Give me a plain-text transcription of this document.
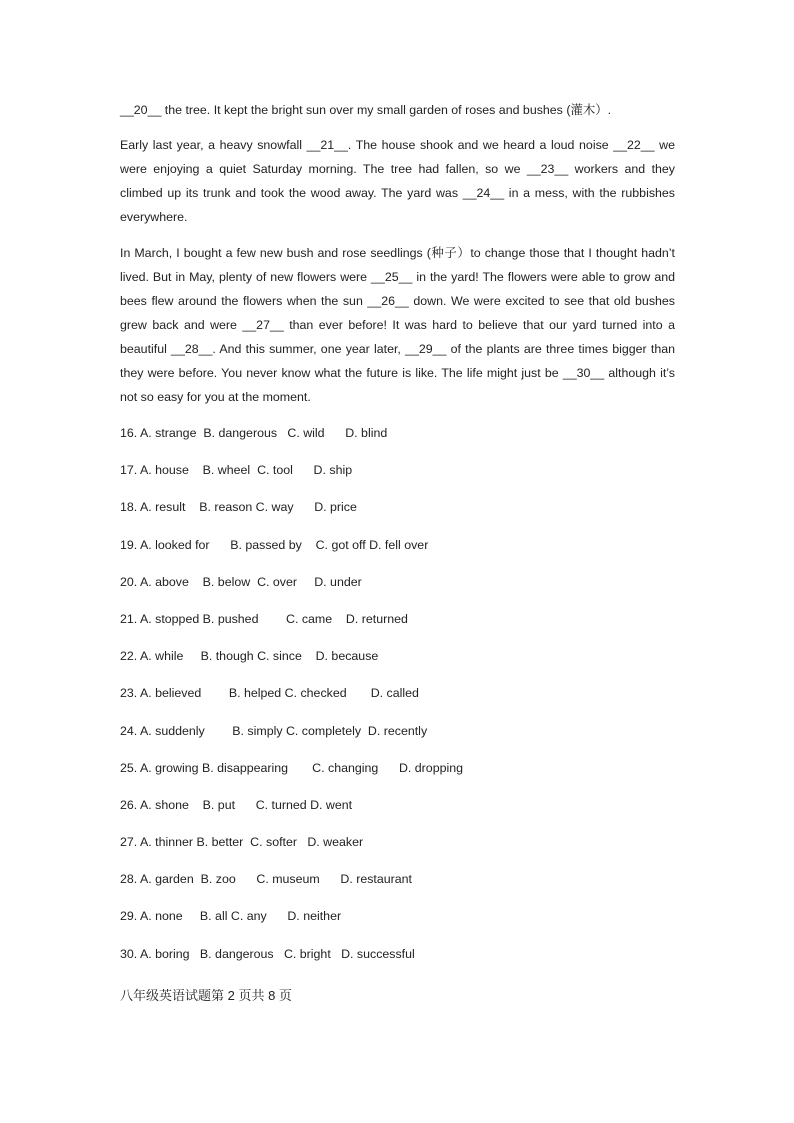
__20__ the tree. It kept the bright sun over my small garden of roses and bushes (灌木）.

Early last year, a heavy snowfall __21__. The house shook and we heard a loud noise __22__ we were enjoying a quiet Saturday morning. The tree had fallen, so we __23__ workers and they climbed up its trunk and took the wood away. The yard was __24__ in a mess, with the rubbishes everywhere.

In March, I bought a few new bush and rose seedlings (种子）to change those that I thought hadn’t lived. But in May, plenty of new flowers were __25__ in the yard! The flowers were able to grow and bees flew around the flowers when the sun __26__ down. We were excited to see that old bushes grew back and were __27__ than ever before! It was hard to believe that our yard turned into a beautiful __28__. And this summer, one year later, __29__ of the plants are three times bigger than they were before. You never know what the future is like. The life might just be __30__ although it’s not so easy for you at the moment.

16. A. strange  B. dangerous   C. wild      D. blind
17. A. house    B. wheel  C. tool      D. ship
18. A. result    B. reason C. way      D. price
19. A. looked for      B. passed by    C. got off D. fell over
20. A. above    B. below  C. over     D. under
21. A. stopped B. pushed        C. came    D. returned
22. A. while     B. though C. since    D. because
23. A. believed        B. helped C. checked       D. called
24. A. suddenly        B. simply C. completely  D. recently
25. A. growing B. disappearing       C. changing      D. dropping
26. A. shone    B. put      C. turned D. went
27. A. thinner B. better  C. softer   D. weaker
28. A. garden  B. zoo      C. museum      D. restaurant
29. A. none     B. all C. any      D. neither
30. A. boring   B. dangerous   C. bright   D. successful
八年级英语试题第 2 页共 8 页
